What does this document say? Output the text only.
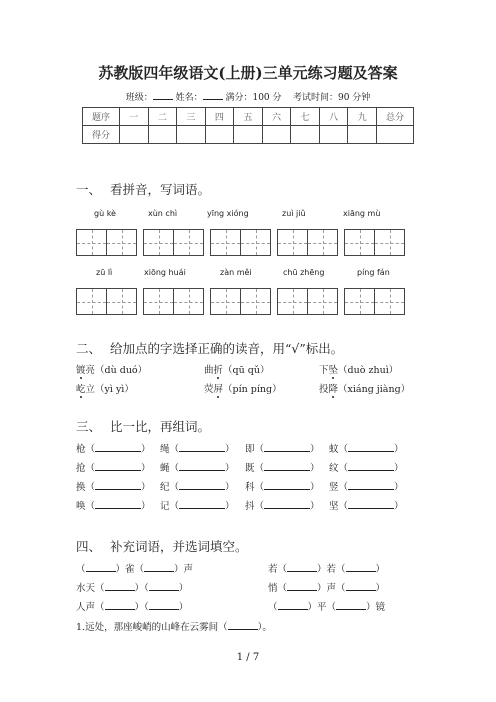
苏教版四年级语文(上册)三单元练习题及答案
班级：	姓名：	满分：100 分 考试时间：90 分钟
题序	一	二	三	四	五	六	七	八	九	总分
得分										
一、 看拼音，写词语。
gù kè	xùn chì	yīng xióng	zuì jiǔ	xiāng mù
zū lì	xiōng huái	zàn měi	chū zhēng	píng fán
二、 给加点的字选择正确的读音，用“√”标出。
镀亮（dù duó）	曲折（qū qǔ）	下坠（duò zhuì）
屹立（yì yì）	荧屏（pín píng）	投降（xiáng jiàng）
三、 比一比，再组词。
枪（	） 绳（	） 即（	） 蚊（	）
抢（	） 蝇（	） 既（	） 纹（	）
换（	） 纪（	） 科（	） 竖（	）
唤（	） 记（	） 抖（	） 坚（	）
四、 补充词语，并选词填空。
（	）雀（	）声	若（	）若（	）
水天（	）（	）	悄（	）声（	）
人声（	）（	）	（	）平（	）镜
1.远处，那座峻峭的山峰在云雾间（	）。
1 / 7
